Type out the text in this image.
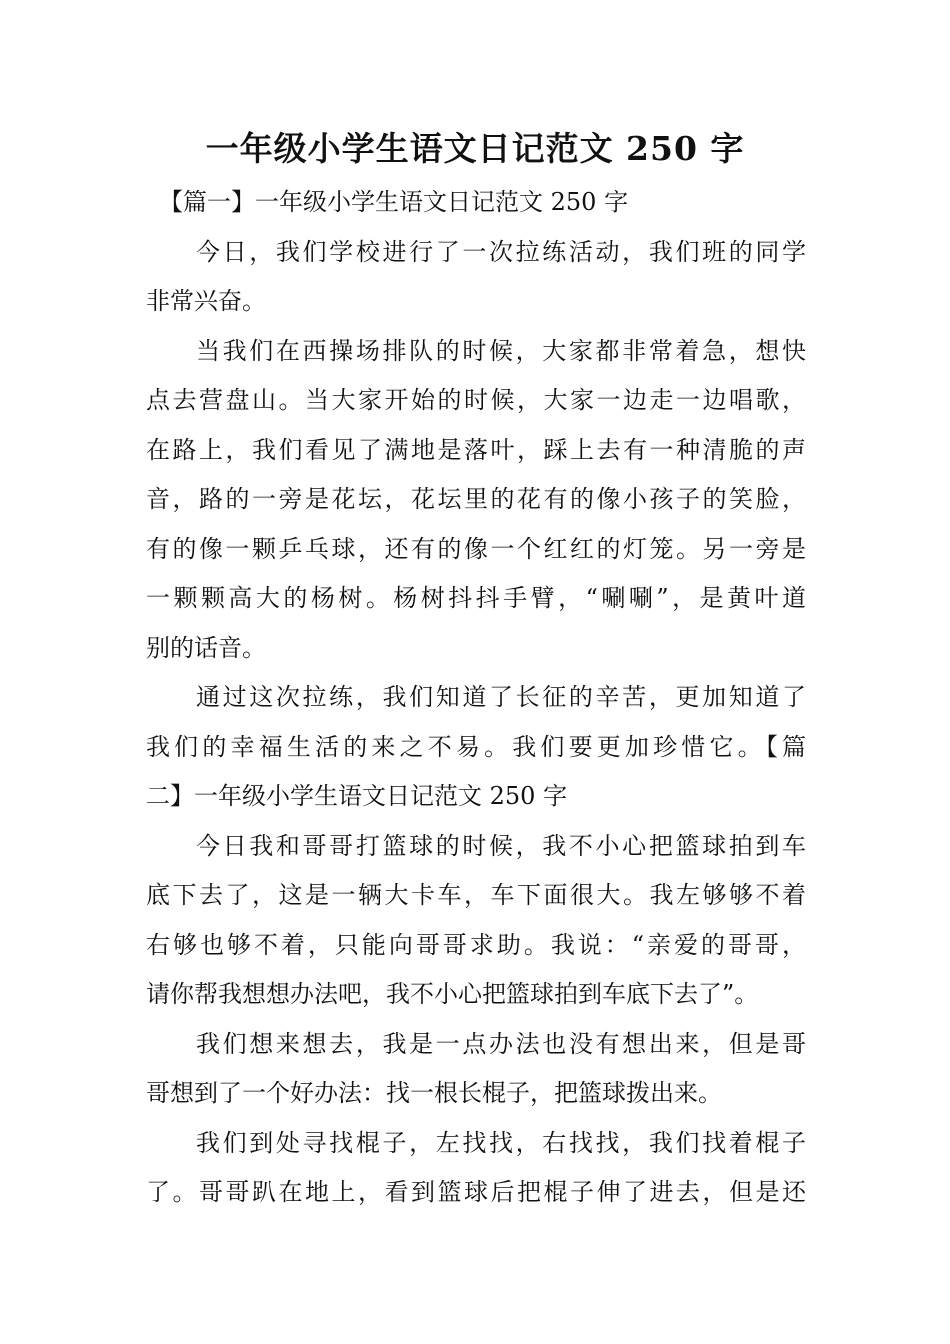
一年级小学生语文日记范文 250 字
【篇一】一年级小学生语文日记范文 250 字
今日，我们学校进行了一次拉练活动，我们班的同学
非常兴奋。
当我们在西操场排队的时候，大家都非常着急，想快
点去营盘山。当大家开始的时候，大家一边走一边唱歌，
在路上，我们看见了满地是落叶，踩上去有一种清脆的声
音，路的一旁是花坛，花坛里的花有的像小孩子的笑脸，
有的像一颗乒乓球，还有的像一个红红的灯笼。另一旁是
一颗颗高大的杨树。杨树抖抖手臂，“唰唰”，是黄叶道
别的话音。
通过这次拉练，我们知道了长征的辛苦，更加知道了
我们的幸福生活的来之不易。我们要更加珍惜它。【篇
二】一年级小学生语文日记范文 250 字
今日我和哥哥打篮球的时候，我不小心把篮球拍到车
底下去了，这是一辆大卡车，车下面很大。我左够够不着
右够也够不着，只能向哥哥求助。我说：“亲爱的哥哥，
请你帮我想想办法吧，我不小心把篮球拍到车底下去了”。
我们想来想去，我是一点办法也没有想出来，但是哥
哥想到了一个好办法：找一根长棍子，把篮球拨出来。
我们到处寻找棍子，左找找，右找找，我们找着棍子
了。哥哥趴在地上，看到篮球后把棍子伸了进去，但是还
